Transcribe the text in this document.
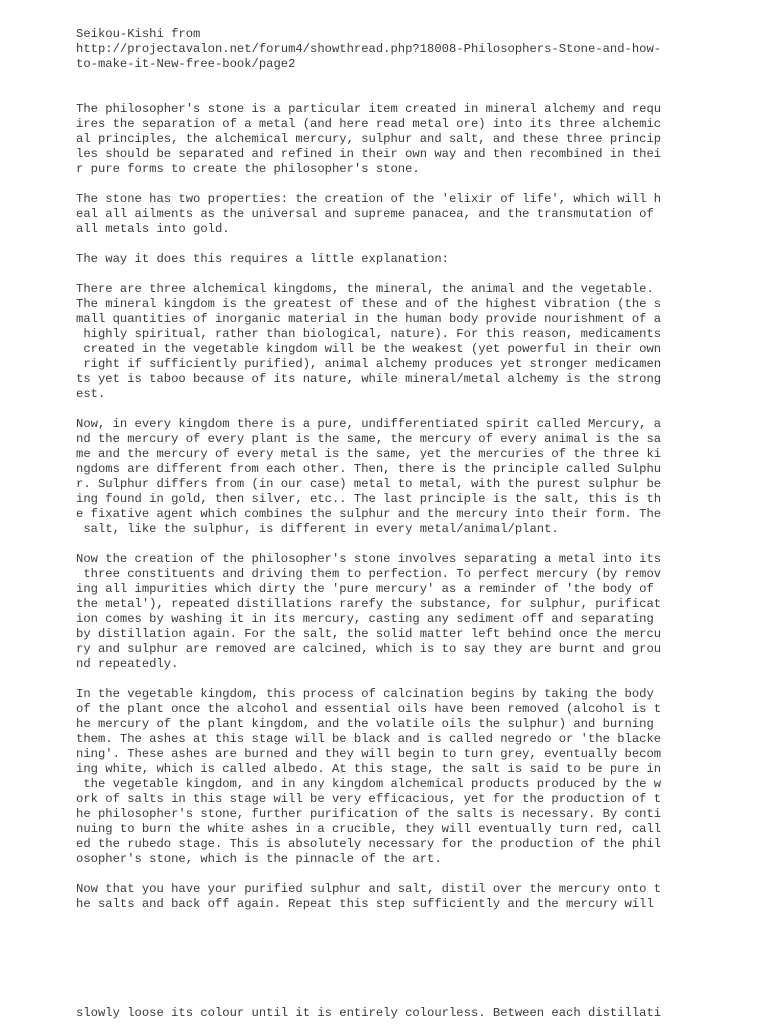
Seikou-Kishi from
http://projectavalon.net/forum4/showthread.php?18008-Philosophers-Stone-and-how-
to-make-it-New-free-book/page2
The philosopher's stone is a particular item created in mineral alchemy and requ
ires the separation of a metal (and here read metal ore) into its three alchemic
al principles, the alchemical mercury, sulphur and salt, and these three princip
les should be separated and refined in their own way and then recombined in thei
r pure forms to create the philosopher's stone.
The stone has two properties: the creation of the 'elixir of life', which will h
eal all ailments as the universal and supreme panacea, and the transmutation of
all metals into gold.
The way it does this requires a little explanation:
There are three alchemical kingdoms, the mineral, the animal and the vegetable.
The mineral kingdom is the greatest of these and of the highest vibration (the s
mall quantities of inorganic material in the human body provide nourishment of a
highly spiritual, rather than biological, nature). For this reason, medicaments
created in the vegetable kingdom will be the weakest (yet powerful in their own
right if sufficiently purified), animal alchemy produces yet stronger medicamen
ts yet is taboo because of its nature, while mineral/metal alchemy is the strong
est.
Now, in every kingdom there is a pure, undifferentiated spirit called Mercury, a
nd the mercury of every plant is the same, the mercury of every animal is the sa
me and the mercury of every metal is the same, yet the mercuries of the three ki
ngdoms are different from each other. Then, there is the principle called Sulphu
r. Sulphur differs from (in our case) metal to metal, with the purest sulphur be
ing found in gold, then silver, etc.. The last principle is the salt, this is th
e fixative agent which combines the sulphur and the mercury into their form. The
salt, like the sulphur, is different in every metal/animal/plant.
Now the creation of the philosopher's stone involves separating a metal into its
three constituents and driving them to perfection. To perfect mercury (by remov
ing all impurities which dirty the 'pure mercury' as a reminder of 'the body of
the metal'), repeated distillations rarefy the substance, for sulphur, purificat
ion comes by washing it in its mercury, casting any sediment off and separating
by distillation again. For the salt, the solid matter left behind once the mercu
ry and sulphur are removed are calcined, which is to say they are burnt and grou
nd repeatedly.
In the vegetable kingdom, this process of calcination begins by taking the body
of the plant once the alcohol and essential oils have been removed (alcohol is t
he mercury of the plant kingdom, and the volatile oils the sulphur) and burning
them. The ashes at this stage will be black and is called negredo or 'the blacke
ning'. These ashes are burned and they will begin to turn grey, eventually becom
ing white, which is called albedo. At this stage, the salt is said to be pure in
the vegetable kingdom, and in any kingdom alchemical products produced by the w
ork of salts in this stage will be very efficacious, yet for the production of t
he philosopher's stone, further purification of the salts is necessary. By conti
nuing to burn the white ashes in a crucible, they will eventually turn red, call
ed the rubedo stage. This is absolutely necessary for the production of the phil
osopher's stone, which is the pinnacle of the art.
Now that you have your purified sulphur and salt, distil over the mercury onto t
he salts and back off again. Repeat this step sufficiently and the mercury will
slowly loose its colour until it is entirely colourless. Between each distillati
